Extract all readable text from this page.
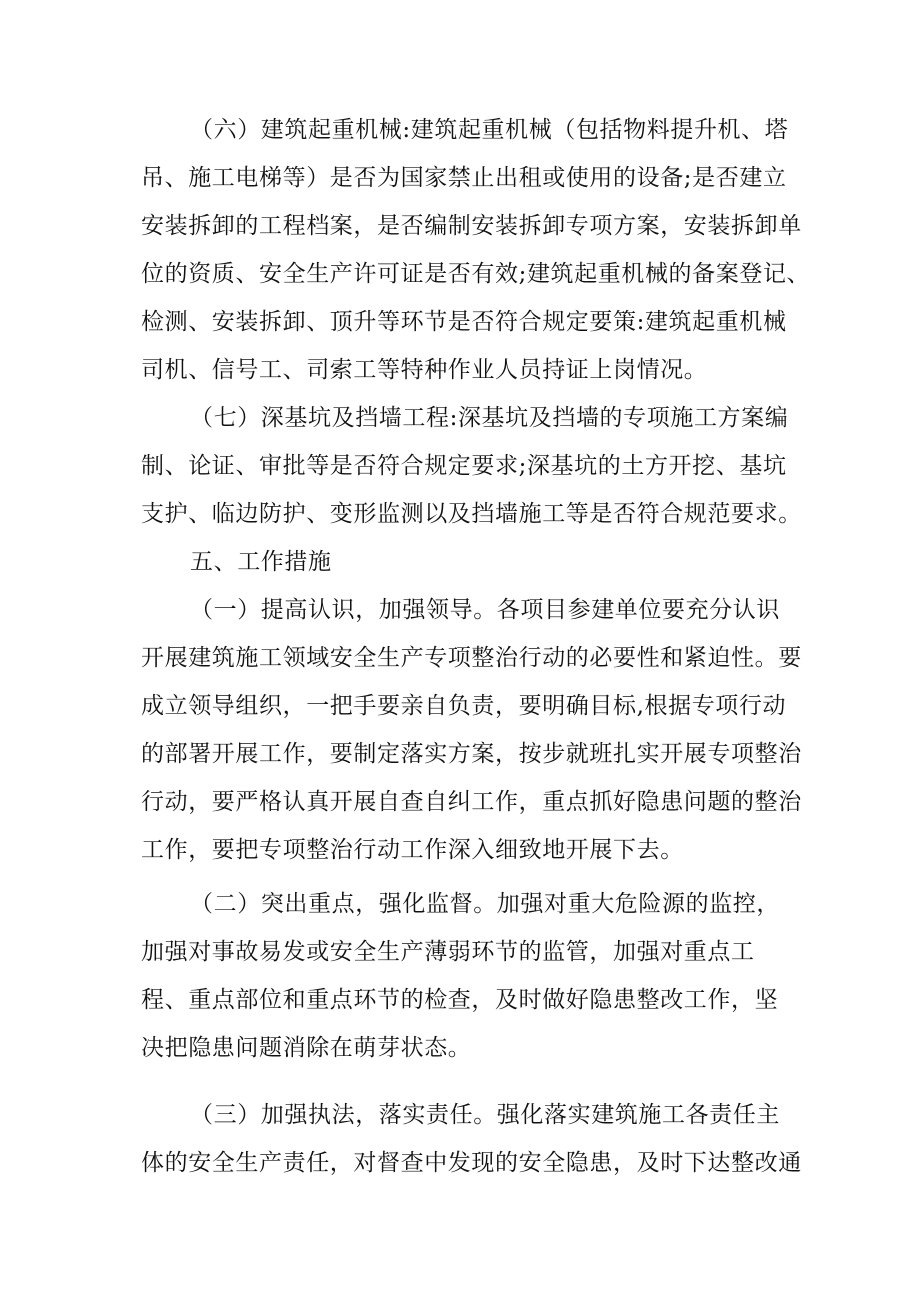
（六）建筑起重机械:建筑起重机械（包括物料提升机、塔

吊、施工电梯等）是否为国家禁止出租或使用的设备;是否建立

安装拆卸的工程档案，是否编制安装拆卸专项方案，安装拆卸单

位的资质、安全生产许可证是否有效;建筑起重机械的备案登记、

检测、安装拆卸、顶升等环节是否符合规定要策:建筑起重机械

司机、信号工、司索工等特种作业人员持证上岗情况。

（七）深基坑及挡墙工程:深基坑及挡墙的专项施工方案编

制、论证、审批等是否符合规定要求;深基坑的土方开挖、基坑

支护、临边防护、变形监测以及挡墙施工等是否符合规范要求。

五、工作措施

（一）提高认识，加强领导。各项目参建单位要充分认识

开展建筑施工领域安全生产专项整治行动的必要性和紧迫性。要

成立领导组织，一把手要亲自负责，要明确目标,根据专项行动

的部署开展工作，要制定落实方案，按步就班扎实开展专项整治

行动，要严格认真开展自查自纠工作，重点抓好隐患问题的整治

工作，要把专项整治行动工作深入细致地开展下去。

（二）突出重点，强化监督。加强对重大危险源的监控，

加强对事故易发或安全生产薄弱环节的监管，加强对重点工

程、重点部位和重点环节的检查，及时做好隐患整改工作，坚

决把隐患问题消除在萌芽状态。

（三）加强执法，落实责任。强化落实建筑施工各责任主

体的安全生产责任，对督查中发现的安全隐患，及时下达整改通
